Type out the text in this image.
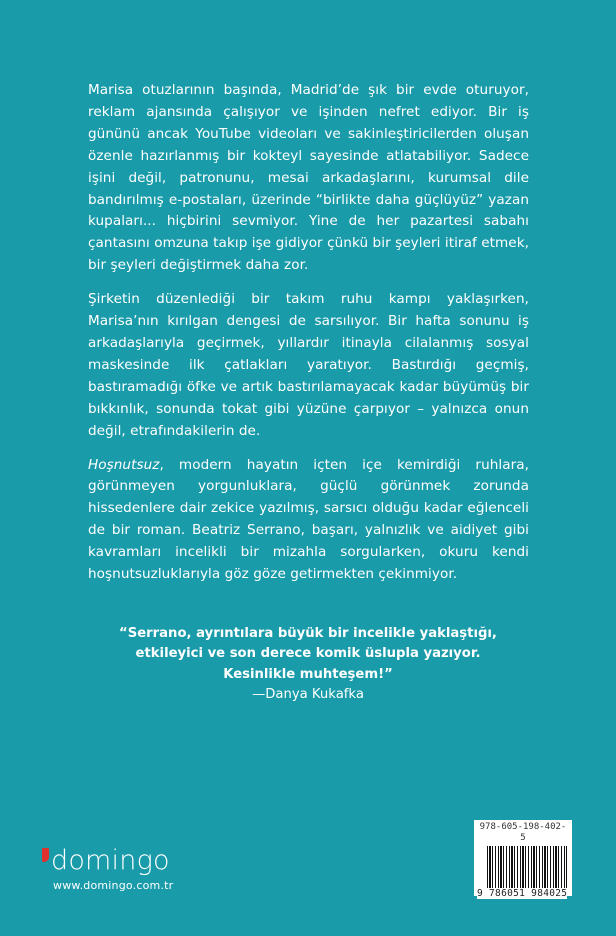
Marisa otuzlarının başında, Madrid’de şık bir evde oturuyor, reklam ajansında çalışıyor ve işinden nefret ediyor. Bir iş gününü ancak YouTube videoları ve sakinleştiricilerden oluşan özenle hazırlanmış bir kokteyl sayesinde atlatabiliyor. Sadece işini değil, patronunu, mesai arkadaşlarını, kurumsal dile bandırılmış e-postaları, üzerinde “birlikte daha güçlüyüz” yazan kupaları... hiçbirini sevmiyor. Yine de her pazartesi sabahı çantasını omzuna takıp işe gidiyor çünkü bir şeyleri itiraf etmek, bir şeyleri değiştirmek daha zor.

Şirketin düzenlediği bir takım ruhu kampı yaklaşırken, Marisa’nın kırılgan dengesi de sarsılıyor. Bir hafta sonunu iş arkadaşlarıyla geçirmek, yıllardır itinayla cilalanmış sosyal maskesinde ilk çatlakları yaratıyor. Bastırdığı geçmiş, bastıramadığı öfke ve artık bastırılamayacak kadar büyümüş bir bıkkınlık, sonunda tokat gibi yüzüne çarpıyor – yalnızca onun değil, etrafındakilerin de.

Hoşnutsuz, modern hayatın içten içe kemirdiği ruhlara, görünmeyen yorgunluklara, güçlü görünmek zorunda hissedenlere dair zekice yazılmış, sarsıcı olduğu kadar eğlenceli de bir roman. Beatriz Serrano, başarı, yalnızlık ve aidiyet gibi kavramları incelikli bir mizahla sorgularken, okuru kendi hoşnutsuzluklarıyla göz göze getirmekten çekinmiyor.

“Serrano, ayrıntılara büyük bir incelikle yaklaştığı,
etkileyici ve son derece komik üslupla yazıyor.
Kesinlikle muhteşem!”
—Danya Kukafka
domingo
www.domingo.com.tr
978-605-198-402-5
9 786051 984025
